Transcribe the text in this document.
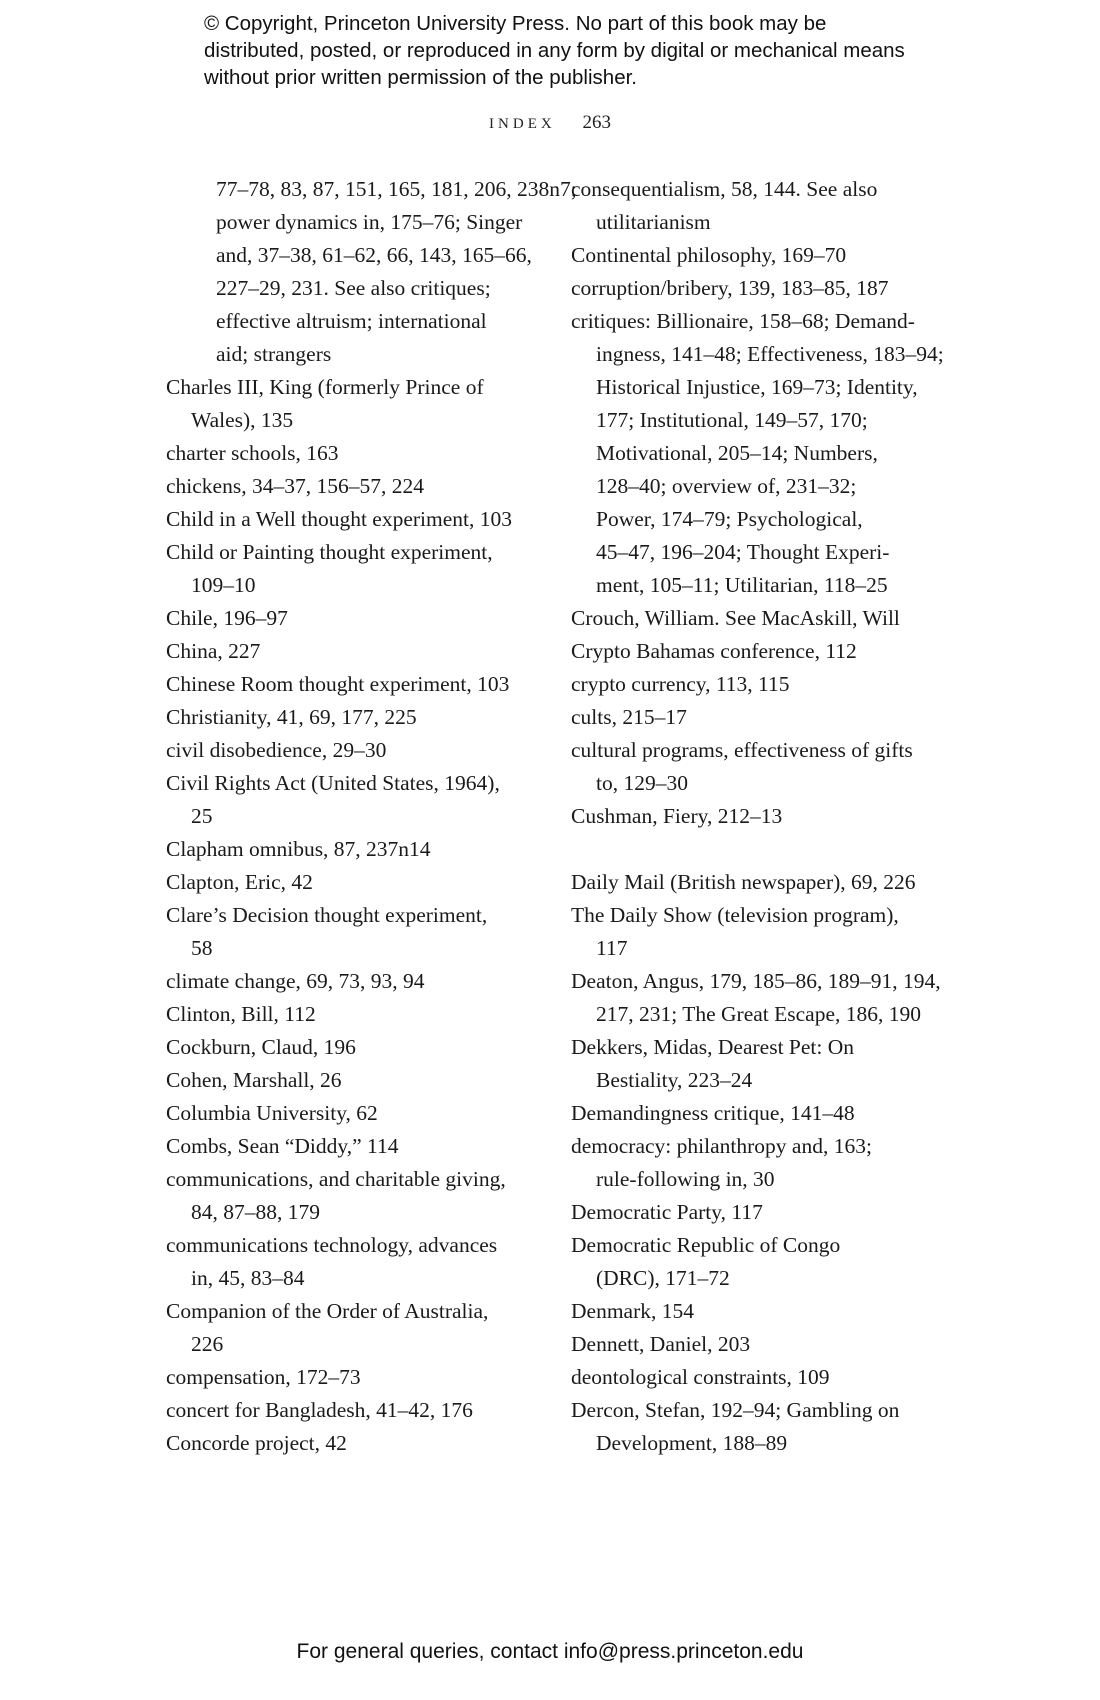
© Copyright, Princeton University Press. No part of this book may be distributed, posted, or reproduced in any form by digital or mechanical means without prior written permission of the publisher.
INDEX 263
77–78, 83, 87, 151, 165, 181, 206, 238n7;
power dynamics in, 175–76; Singer
and, 37–38, 61–62, 66, 143, 165–66,
227–29, 231. See also critiques;
effective altruism; international
aid; strangers
Charles III, King (formerly Prince of
Wales), 135
charter schools, 163
chickens, 34–37, 156–57, 224
Child in a Well thought experiment, 103
Child or Painting thought experiment,
109–10
Chile, 196–97
China, 227
Chinese Room thought experiment, 103
Christianity, 41, 69, 177, 225
civil disobedience, 29–30
Civil Rights Act (United States, 1964),
25
Clapham omnibus, 87, 237n14
Clapton, Eric, 42
Clare’s Decision thought experiment,
58
climate change, 69, 73, 93, 94
Clinton, Bill, 112
Cockburn, Claud, 196
Cohen, Marshall, 26
Columbia University, 62
Combs, Sean “Diddy,” 114
communications, and charitable giving,
84, 87–88, 179
communications technology, advances
in, 45, 83–84
Companion of the Order of Australia,
226
compensation, 172–73
concert for Bangladesh, 41–42, 176
Concorde project, 42
consequentialism, 58, 144. See also
utilitarianism
Continental philosophy, 169–70
corruption/bribery, 139, 183–85, 187
critiques: Billionaire, 158–68; Demand-
ingness, 141–48; Effectiveness, 183–94;
Historical Injustice, 169–73; Identity,
177; Institutional, 149–57, 170;
Motivational, 205–14; Numbers,
128–40; overview of, 231–32;
Power, 174–79; Psychological,
45–47, 196–204; Thought Experi-
ment, 105–11; Utilitarian, 118–25
Crouch, William. See MacAskill, Will
Crypto Bahamas conference, 112
crypto currency, 113, 115
cults, 215–17
cultural programs, effectiveness of gifts
to, 129–30
Cushman, Fiery, 212–13
Daily Mail (British newspaper), 69, 226
The Daily Show (television program),
117
Deaton, Angus, 179, 185–86, 189–91, 194,
217, 231; The Great Escape, 186, 190
Dekkers, Midas, Dearest Pet: On
Bestiality, 223–24
Demandingness critique, 141–48
democracy: philanthropy and, 163;
rule-following in, 30
Democratic Party, 117
Democratic Republic of Congo
(DRC), 171–72
Denmark, 154
Dennett, Daniel, 203
deontological constraints, 109
Dercon, Stefan, 192–94; Gambling on
Development, 188–89
For general queries, contact info@press.princeton.edu
